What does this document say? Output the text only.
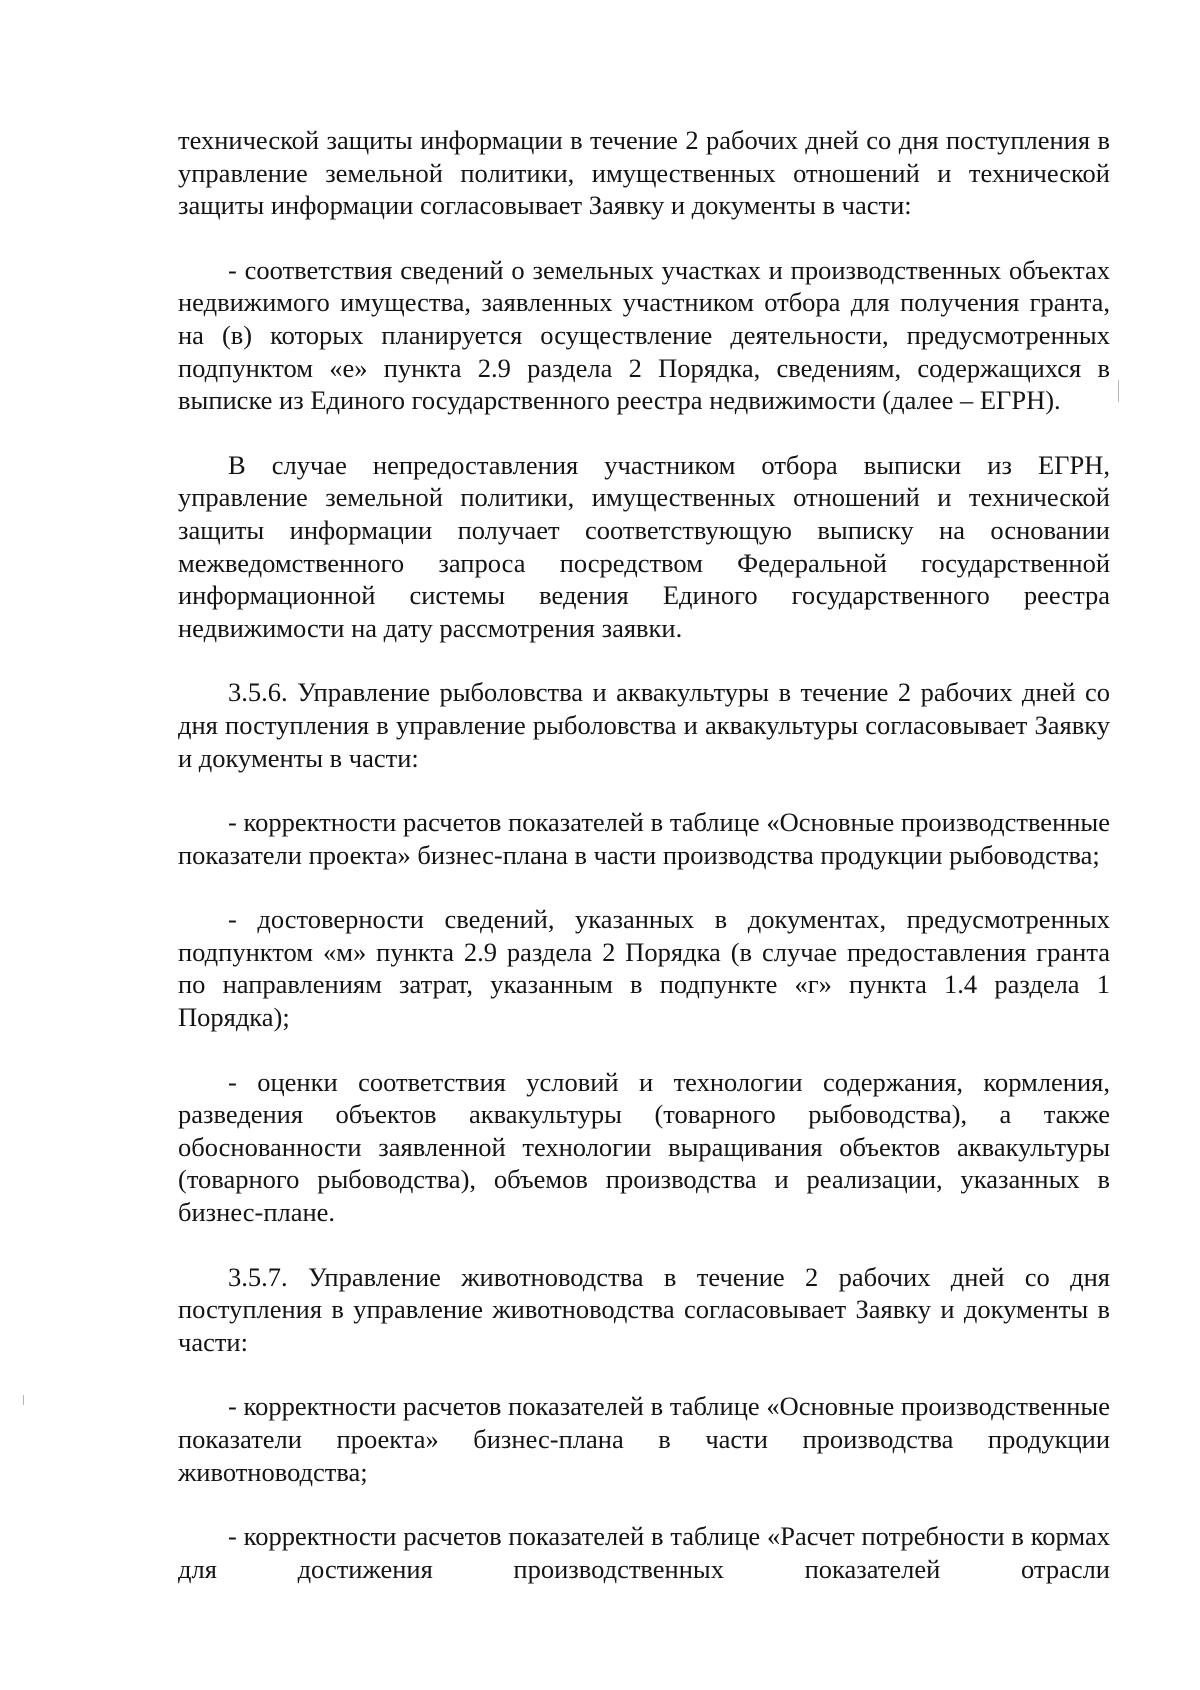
технической защиты информации в течение 2 рабочих дней со дня поступления в управление земельной политики, имущественных отношений и технической защиты информации согласовывает Заявку и документы в части:

- соответствия сведений о земельных участках и производственных объектах недвижимого имущества, заявленных участником отбора для получения гранта, на (в) которых планируется осуществление деятельности, предусмотренных подпунктом «е» пункта 2.9 раздела 2 Порядка, сведениям, содержащихся в выписке из Единого государственного реестра недвижимости (далее – ЕГРН).

В случае непредоставления участником отбора выписки из ЕГРН, управление земельной политики, имущественных отношений и технической защиты информации получает соответствующую выписку на основании межведомственного запроса посредством Федеральной государственной информационной системы ведения Единого государственного реестра недвижимости на дату рассмотрения заявки.

3.5.6. Управление рыболовства и аквакультуры в течение 2 рабочих дней со дня поступления в управление рыболовства и аквакультуры согласовывает Заявку и документы в части:

- корректности расчетов показателей в таблице «Основные производственные показатели проекта» бизнес-плана в части производства продукции рыбоводства;

- достоверности сведений, указанных в документах, предусмотренных подпунктом «м» пункта 2.9 раздела 2 Порядка (в случае предоставления гранта по направлениям затрат, указанным в подпункте «г» пункта 1.4 раздела 1 Порядка);

- оценки соответствия условий и технологии содержания, кормления, разведения объектов аквакультуры (товарного рыбоводства), а также обоснованности заявленной технологии выращивания объектов аквакультуры (товарного рыбоводства), объемов производства и реализации, указанных в бизнес-плане.

3.5.7. Управление животноводства в течение 2 рабочих дней со дня поступления в управление животноводства согласовывает Заявку и документы в части:

- корректности расчетов показателей в таблице «Основные производственные показатели проекта» бизнес-плана в части производства продукции животноводства;

- корректности расчетов показателей в таблице «Расчет потребности в кормах для достижения производственных показателей отрасли
